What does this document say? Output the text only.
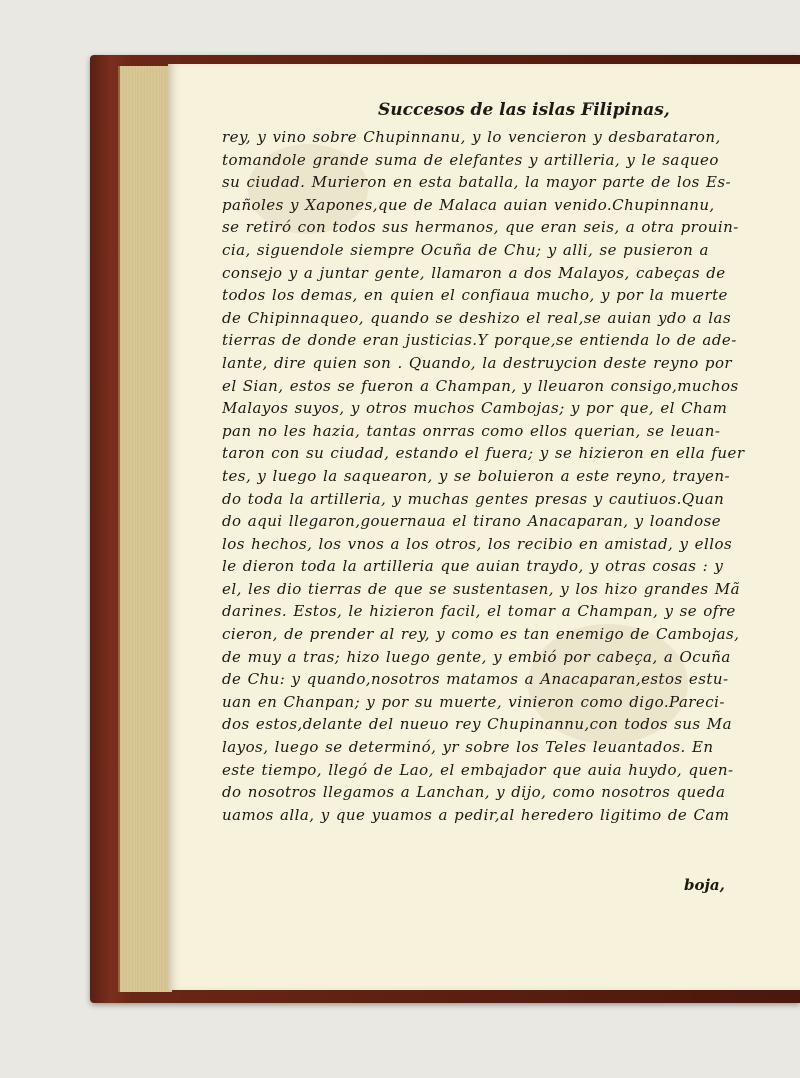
Succesos de las islas Filipinas,
rey, y vino sobre Chupinnanu, y lo vencieron y desbarataron,
tomandole grande suma de elefantes y artilleria, y le saqueo
su ciudad. Murieron en esta batalla, la mayor parte de los Es-
pañoles y Xapones,que de Malaca auian venido.Chupinnanu,
se retiró con todos sus hermanos, que eran seis, a otra prouin-
cia, siguendole siempre Ocuña de Chu; y alli, se pusieron a
consejo y a juntar gente, llamaron a dos Malayos, cabeças de
todos los demas, en quien el confiaua mucho, y por la muerte
de Chipinnaqueo, quando se deshizo el real,se auian ydo a las
tierras de donde eran justicias.Y porque,se entienda lo de ade-
lante, dire quien son . Quando, la destruycion deste reyno por
el Sian, estos se fueron a Champan, y lleuaron consigo,muchos
Malayos suyos, y otros muchos Cambojas; y por que, el Cham
pan no les hazia, tantas onrras como ellos querian, se leuan-
taron con su ciudad, estando el fuera; y se hizieron en ella fuer
tes, y luego la saquearon, y se boluieron a este reyno, trayen-
do toda la artilleria, y muchas gentes presas y cautiuos.Quan
do aqui llegaron,gouernaua el tirano Anacaparan, y loandose
los hechos, los vnos a los otros, los recibio en amistad, y ellos
le dieron toda la artilleria que auian traydo, y otras cosas : y
el, les dio tierras de que se sustentasen, y los hizo grandes Mã
darines. Estos, le hizieron facil, el tomar a Champan, y se ofre
cieron, de prender al rey, y como es tan enemigo de Cambojas,
de muy a tras; hizo luego gente, y embió por cabeça, a Ocuña
de Chu: y quando,nosotros matamos a Anacaparan,estos estu-
uan en Chanpan; y por su muerte, vinieron como digo.Pareci-
dos estos,delante del nueuo rey Chupinannu,con todos sus Ma
layos, luego se determinó, yr sobre los Teles leuantados. En
este tiempo, llegó de Lao, el embajador que auia huydo, quen-
do nosotros llegamos a Lanchan, y dijo, como nosotros queda
uamos alla, y que yuamos a pedir,al heredero ligitimo de Cam
boja,
